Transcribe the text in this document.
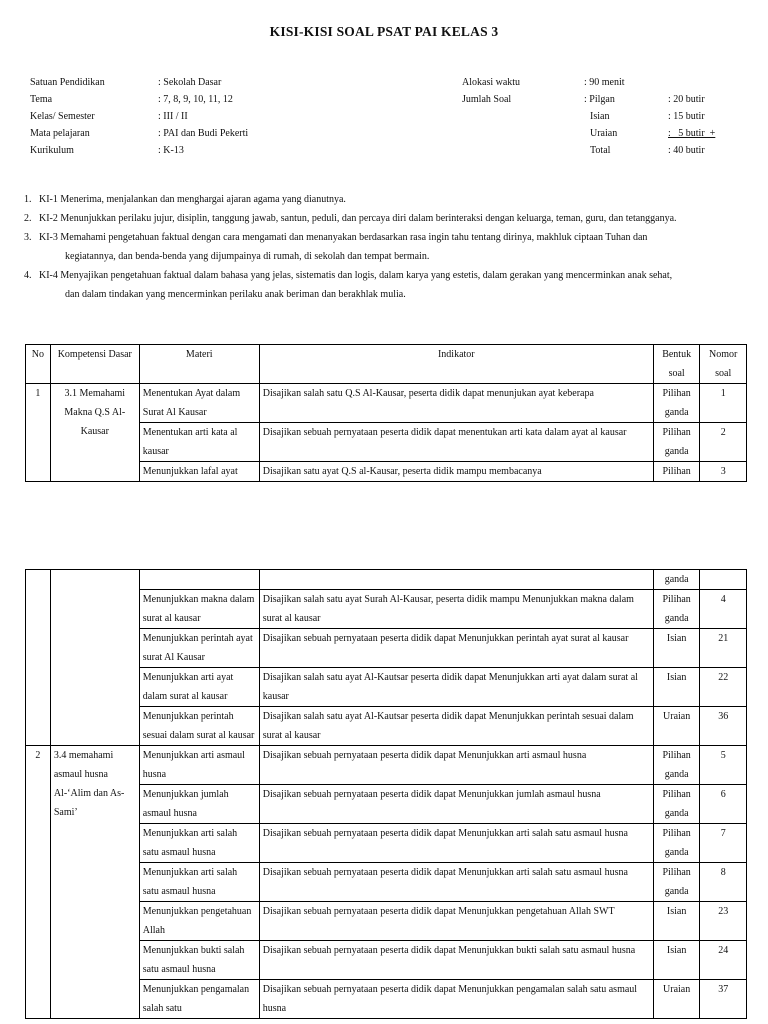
KISI-KISI SOAL PSAT PAI KELAS 3
Satuan Pendidikan	: Sekolah Dasar	Alokasi waktu	: 90 menit
Tema	: 7, 8, 9, 10, 11, 12	Jumlah Soal	: Pilgan	: 20 butir
Kelas/ Semester	: III / II	Isian	: 15 butir
Mata pelajaran	: PAI dan Budi Pekerti	Uraian	:   5 butir  +
Kurikulum	: K-13	Total	: 40 butir
1. KI-1 Menerima, menjalankan dan menghargai ajaran agama yang dianutnya.
2. KI-2 Menunjukkan perilaku jujur, disiplin, tanggung jawab, santun, peduli, dan percaya diri dalam berinteraksi dengan keluarga, teman, guru, dan tetangganya.
3. KI-3 Memahami pengetahuan faktual dengan cara mengamati dan menanyakan berdasarkan rasa ingin tahu tentang dirinya, makhluk ciptaan Tuhan dan
kegiatannya, dan benda-benda yang dijumpainya di rumah, di sekolah dan tempat bermain.
4. KI-4 Menyajikan pengetahuan faktual dalam bahasa yang jelas, sistematis dan logis, dalam karya yang estetis, dalam gerakan yang mencerminkan anak sehat,
dan dalam tindakan yang mencerminkan perilaku anak beriman dan berakhlak mulia.
No	Kompetensi Dasar	Materi	Indikator	Bentuk soal	Nomor soal
1	3.1 Memahami Makna Q.S Al-Kausar	Menentukan Ayat dalam Surat Al Kausar	Disajikan salah satu Q.S Al-Kausar, peserta didik dapat menunjukan ayat keberapa	Pilihan ganda	1
		Menentukan arti kata al kausar	Disajikan sebuah pernyataan peserta didik dapat menentukan arti kata dalam ayat al kausar	Pilihan ganda	2
		Menunjukkan lafal ayat	Disajikan satu ayat Q.S al-Kausar, peserta didik mampu membacanya	Pilihan	3
				ganda	
		Menunjukkan makna dalam surat al kausar	Disajikan salah satu ayat Surah Al-Kausar, peserta didik mampu Menunjukkan makna dalam surat al kausar	Pilihan ganda	4
		Menunjukkan perintah ayat surat Al Kausar	Disajikan sebuah pernyataan peserta didik dapat Menunjukkan perintah ayat surat al kausar	Isian	21
		Menunjukkan arti ayat dalam surat al kausar	Disajikan salah satu ayat Al-Kautsar peserta didik dapat Menunjukkan arti ayat dalam surat al kausar	Isian	22
		Menunjukkan perintah sesuai dalam surat al kausar	Disajikan salah satu ayat Al-Kautsar peserta didik dapat Menunjukkan perintah sesuai dalam surat al kausar	Uraian	36
2	3.4 memahami asmaul husna Al-‘Alim dan As-Sami’	Menunjukkan arti asmaul husna	Disajikan sebuah pernyataan peserta didik dapat Menunjukkan arti asmaul husna	Pilihan ganda	5
		Menunjukkan jumlah asmaul husna	Disajikan sebuah pernyataan peserta didik dapat Menunjukkan jumlah asmaul husna	Pilihan ganda	6
		Menunjukkan arti salah satu asmaul husna	Disajikan sebuah pernyataan peserta didik dapat Menunjukkan arti salah satu asmaul husna	Pilihan ganda	7
		Menunjukkan arti salah satu asmaul husna	Disajikan sebuah pernyataan peserta didik dapat Menunjukkan arti salah satu asmaul husna	Pilihan ganda	8
		Menunjukkan pengetahuan Allah	Disajikan sebuah pernyataan peserta didik dapat Menunjukkan pengetahuan Allah SWT	Isian	23
		Menunjukkan bukti salah satu asmaul husna	Disajikan sebuah pernyataan peserta didik dapat Menunjukkan bukti salah satu asmaul husna	Isian	24
		Menunjukkan pengamalan salah satu	Disajikan sebuah pernyataan peserta didik dapat Menunjukkan pengamalan salah satu asmaul husna	Uraian	37
